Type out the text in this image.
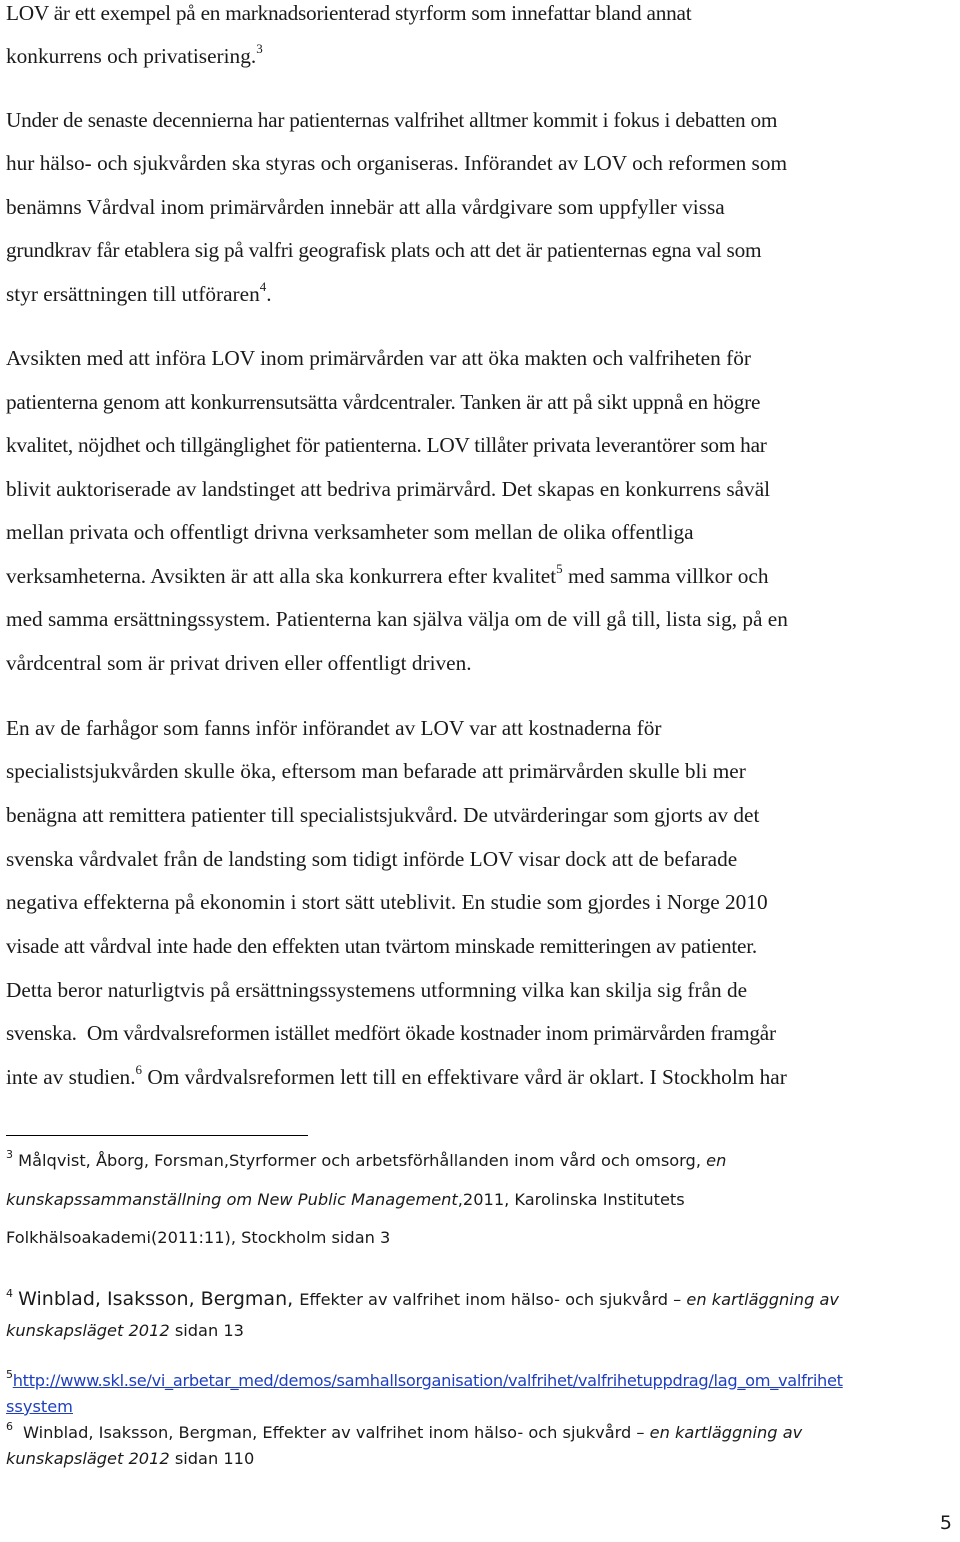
LOV är ett exempel på en marknadsorienterad styrform som innefattar bland annat
konkurrens och privatisering.$^3$
Under de senaste decennierna har patienternas valfrihet alltmer kommit i fokus i debatten om
hur hälso- och sjukvården ska styras och organiseras. Införandet av LOV och reformen som
benämns Vårdval inom primärvården innebär att alla vårdgivare som uppfyller vissa
grundkrav får etablera sig på valfri geografisk plats och att det är patienternas egna val som
styr ersättningen till utföraren$^4$.
Avsikten med att införa LOV inom primärvården var att öka makten och valfriheten för
patienterna genom att konkurrensutsätta vårdcentraler. Tanken är att på sikt uppnå en högre
kvalitet, nöjdhet och tillgänglighet för patienterna. LOV tillåter privata leverantörer som har
blivit auktoriserade av landstinget att bedriva primärvård. Det skapas en konkurrens såväl
mellan privata och offentligt drivna verksamheter som mellan de olika offentliga
verksamheterna. Avsikten är att alla ska konkurrera efter kvalitet$^5$ med samma villkor och
med samma ersättningssystem. Patienterna kan själva välja om de vill gå till, lista sig, på en
vårdcentral som är privat driven eller offentligt driven.
En av de farhågor som fanns inför införandet av LOV var att kostnaderna för
specialistsjukvården skulle öka, eftersom man befarade att primärvården skulle bli mer
benägna att remittera patienter till specialistsjukvård. De utvärderingar som gjorts av det
svenska vårdvalet från de landsting som tidigt införde LOV visar dock att de befarade
negativa effekterna på ekonomin i stort sätt uteblivit. En studie som gjordes i Norge 2010
visade att vårdval inte hade den effekten utan tvärtom minskade remitteringen av patienter.
Detta beror naturligtvis på ersättningssystemens utformning vilka kan skilja sig från de
svenska.  Om vårdvalsreformen istället medfört ökade kostnader inom primärvården framgår
inte av studien.$^6$ Om vårdvalsreformen lett till en effektivare vård är oklart. I Stockholm har
$^3$ Målqvist, Åborg, Forsman,Styrformer och arbetsförhållanden inom vård och omsorg, en
kunskapssammanställning om New Public Management,2011, Karolinska Institutets
Folkhälsoakademi(2011:11), Stockholm sidan 3
$^4$ Winblad, Isaksson, Bergman, Effekter av valfrihet inom hälso- och sjukvård – en kartläggning av
kunskapsläget 2012 sidan 13
$^5$http://www.skl.se/vi_arbetar_med/demos/samhallsorganisation/valfrihet/valfrihetuppdrag/lag_om_valfrihet
ssystem
$^6$ Winblad, Isaksson, Bergman, Effekter av valfrihet inom hälso- och sjukvård – en kartläggning av
kunskapsläget 2012 sidan 110
5
